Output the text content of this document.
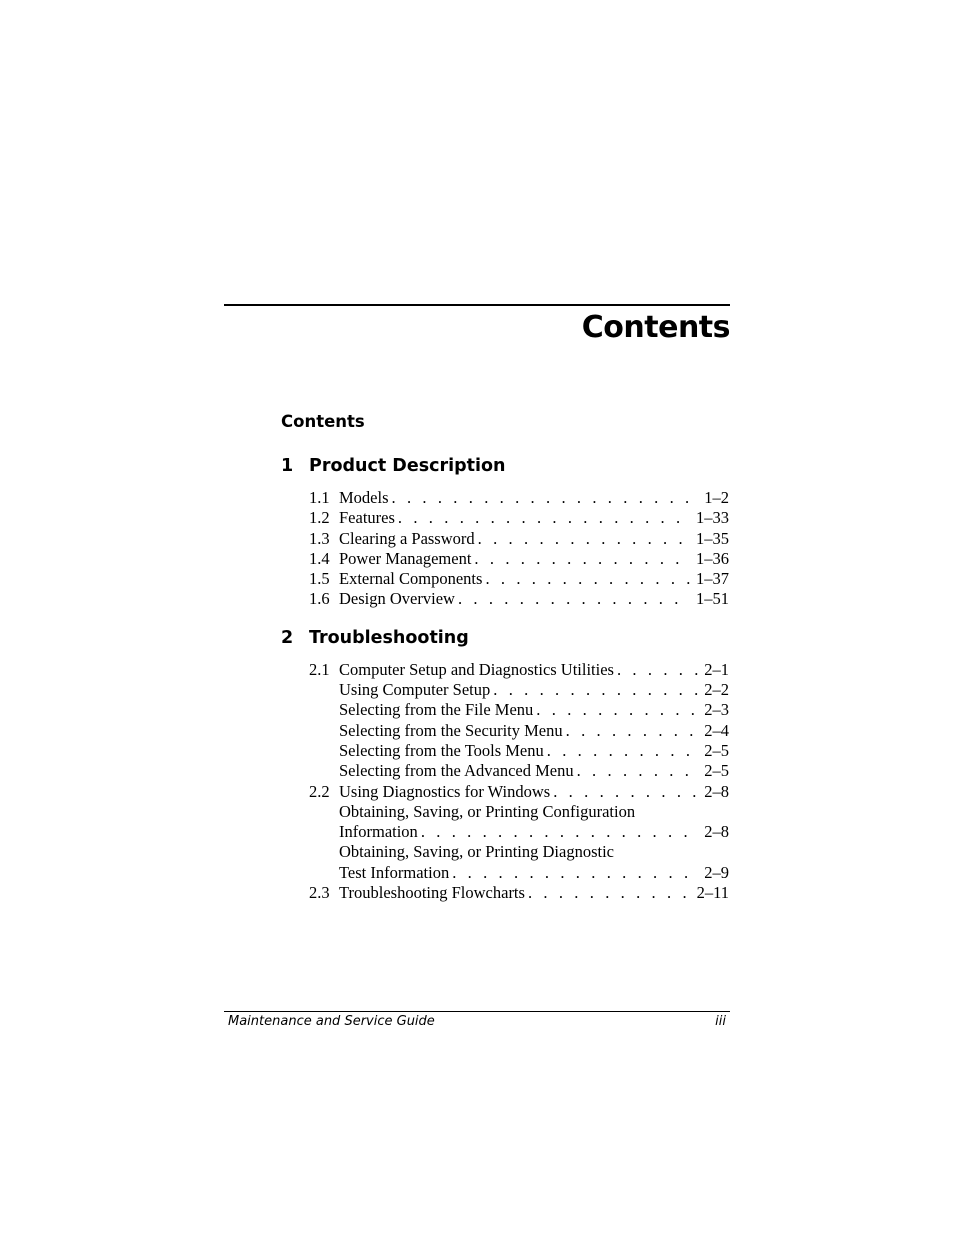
Contents
Contents
1 Product Description
1.1 Models . . .	1–2
1.2 Features . . .	1–33
1.3 Clearing a Password . . .	1–35
1.4 Power Management . . .	1–36
1.5 External Components . . .	1–37
1.6 Design Overview . . .	1–51
2 Troubleshooting
2.1 Computer Setup and Diagnostics Utilities . . .	2–1
Using Computer Setup . . .	2–2
Selecting from the File Menu . . .	2–3
Selecting from the Security Menu . . .	2–4
Selecting from the Tools Menu . . .	2–5
Selecting from the Advanced Menu . . .	2–5
2.2 Using Diagnostics for Windows . . .	2–8
Obtaining, Saving, or Printing Configuration
Information . . .	2–8
Obtaining, Saving, or Printing Diagnostic
Test Information . . .	2–9
2.3 Troubleshooting Flowcharts . . .	2–11
Maintenance and Service Guide	iii
